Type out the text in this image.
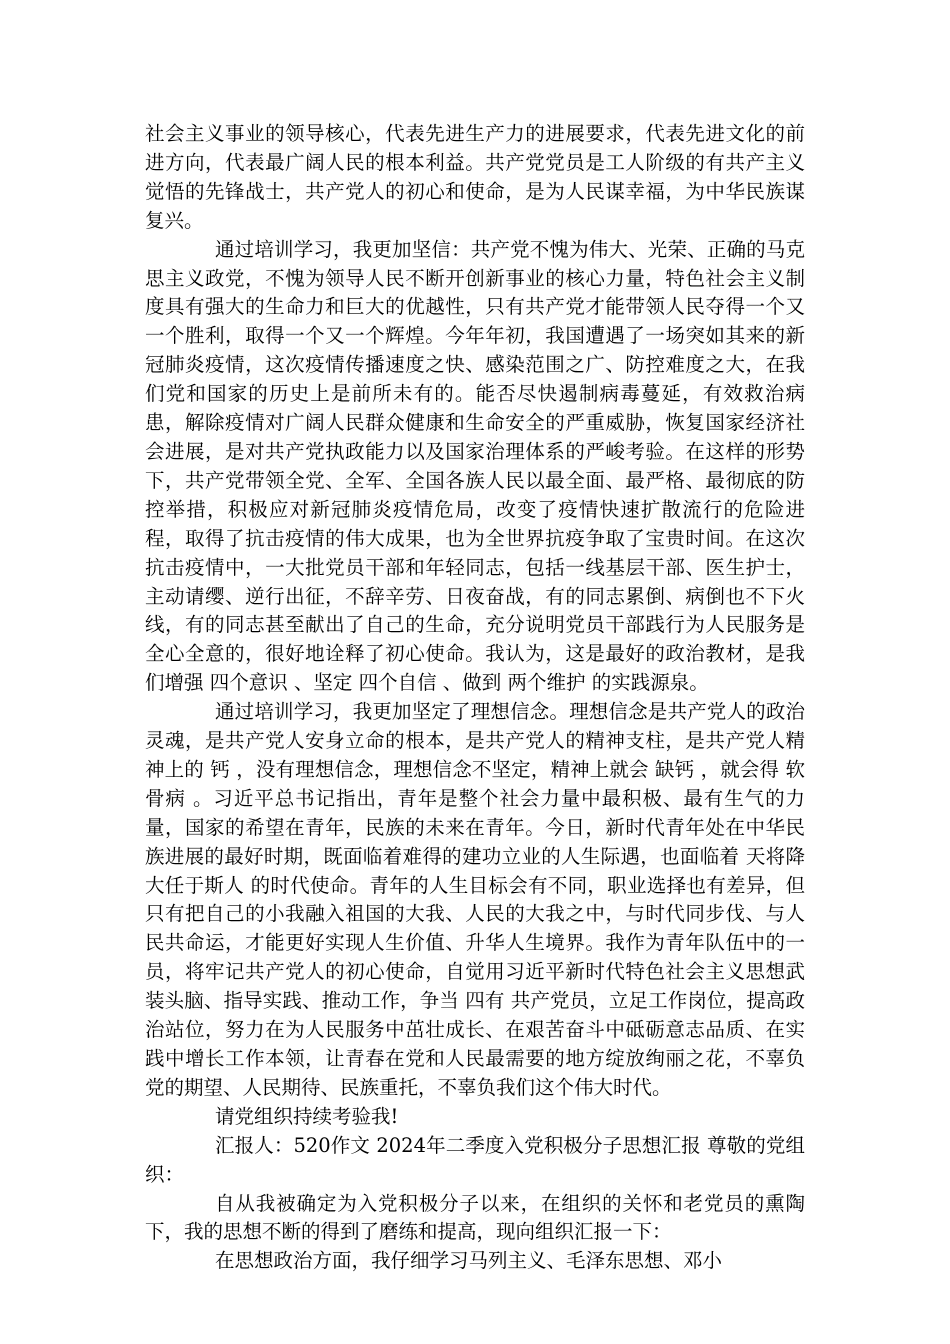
社会主义事业的领导核心，代表先进生产力的进展要求，代表先进文化的前进方向，代表最广阔人民的根本利益。共产党党员是工人阶级的有共产主义觉悟的先锋战士，共产党人的初心和使命，是为人民谋幸福，为中华民族谋复兴。

通过培训学习，我更加坚信：共产党不愧为伟大、光荣、正确的马克思主义政党，不愧为领导人民不断开创新事业的核心力量，特色社会主义制度具有强大的生命力和巨大的优越性，只有共产党才能带领人民夺得一个又一个胜利，取得一个又一个辉煌。今年年初，我国遭遇了一场突如其来的新冠肺炎疫情，这次疫情传播速度之快、感染范围之广、防控难度之大，在我们党和国家的历史上是前所未有的。能否尽快遏制病毒蔓延，有效救治病患，解除疫情对广阔人民群众健康和生命安全的严重威胁，恢复国家经济社会进展，是对共产党执政能力以及国家治理体系的严峻考验。在这样的形势下，共产党带领全党、全军、全国各族人民以最全面、最严格、最彻底的防控举措，积极应对新冠肺炎疫情危局，改变了疫情快速扩散流行的危险进程，取得了抗击疫情的伟大成果，也为全世界抗疫争取了宝贵时间。在这次抗击疫情中，一大批党员干部和年轻同志，包括一线基层干部、医生护士，主动请缨、逆行出征，不辞辛劳、日夜奋战，有的同志累倒、病倒也不下火线，有的同志甚至献出了自己的生命，充分说明党员干部践行为人民服务是全心全意的，很好地诠释了初心使命。我认为，这是最好的政治教材，是我们增强 四个意识 、坚定 四个自信 、做到 两个维护 的实践源泉。

通过培训学习，我更加坚定了理想信念。理想信念是共产党人的政治灵魂，是共产党人安身立命的根本，是共产党人的精神支柱，是共产党人精神上的 钙 ，没有理想信念，理想信念不坚定，精神上就会 缺钙 ，就会得 软骨病 。习近平总书记指出，青年是整个社会力量中最积极、最有生气的力量，国家的希望在青年，民族的未来在青年。今日，新时代青年处在中华民族进展的最好时期，既面临着难得的建功立业的人生际遇，也面临着 天将降大任于斯人 的时代使命。青年的人生目标会有不同，职业选择也有差异，但只有把自己的小我融入祖国的大我、人民的大我之中，与时代同步伐、与人民共命运，才能更好实现人生价值、升华人生境界。我作为青年队伍中的一员，将牢记共产党人的初心使命，自觉用习近平新时代特色社会主义思想武装头脑、指导实践、推动工作，争当 四有 共产党员，立足工作岗位，提高政治站位，努力在为人民服务中茁壮成长、在艰苦奋斗中砥砺意志品质、在实践中增长工作本领，让青春在党和人民最需要的地方绽放绚丽之花，不辜负党的期望、人民期待、民族重托，不辜负我们这个伟大时代。

请党组织持续考验我!

汇报人：520作文 2024年二季度入党积极分子思想汇报 尊敬的党组织：

自从我被确定为入党积极分子以来，在组织的关怀和老党员的熏陶下，我的思想不断的得到了磨练和提高，现向组织汇报一下：

在思想政治方面，我仔细学习马列主义、毛泽东思想、邓小
